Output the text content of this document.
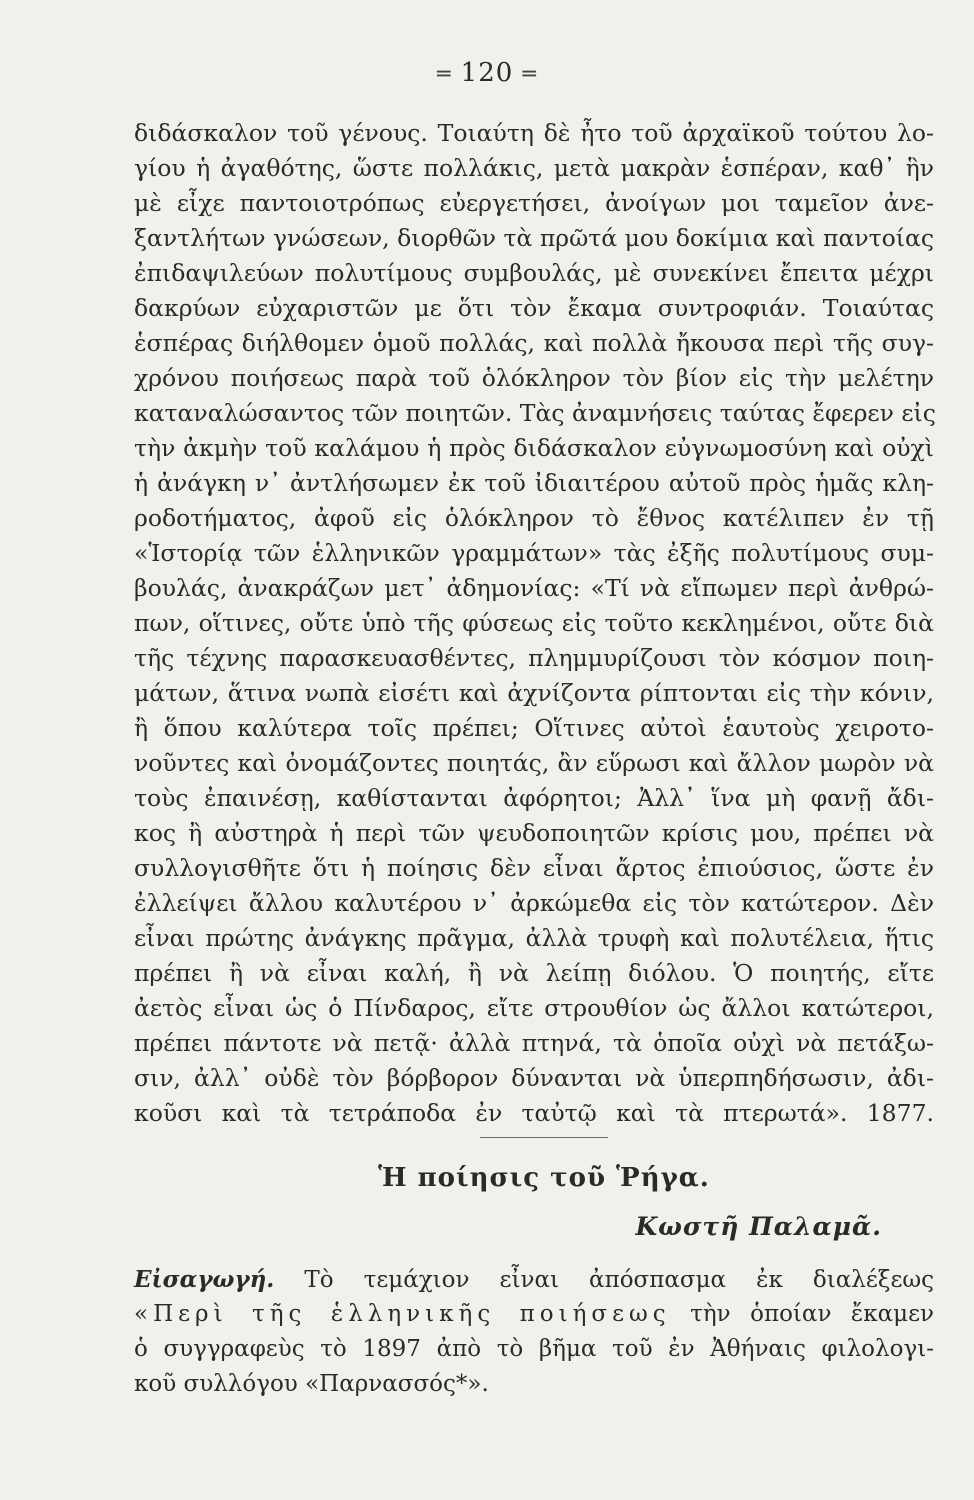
═ 120 ═
διδάσκαλον τοῦ γένους. Τοιαύτη δὲ ἦτο τοῦ ἀρχαϊκοῦ τούτου λο-
γίου ἡ ἀγαθότης, ὥστε πολλάκις, μετὰ μακρὰν ἑσπέραν, καθ᾿ ἣν
μὲ εἶχε παντοιοτρόπως εὐεργετήσει, ἀνοίγων μοι ταμεῖον ἀνε-
ξαντλήτων γνώσεων, διορθῶν τὰ πρῶτά μου δοκίμια καὶ παντοίας
ἐπιδαψιλεύων πολυτίμους συμβουλάς, μὲ συνεκίνει ἔπειτα μέχρι
δακρύων εὐχαριστῶν με ὅτι τὸν ἔκαμα συντροφιάν. Τοιαύτας
ἑσπέρας διήλθομεν ὁμοῦ πολλάς, καὶ πολλὰ ἤκουσα περὶ τῆς συγ-
χρόνου ποιήσεως παρὰ τοῦ ὁλόκληρον τὸν βίον εἰς τὴν μελέτην
καταναλώσαντος τῶν ποιητῶν. Τὰς ἀναμνήσεις ταύτας ἔφερεν εἰς
τὴν ἀκμὴν τοῦ καλάμου ἡ πρὸς διδάσκαλον εὐγνωμοσύνη καὶ οὐχὶ
ἡ ἀνάγκη ν᾿ ἀντλήσωμεν ἐκ τοῦ ἰδιαιτέρου αὐτοῦ πρὸς ἡμᾶς κλη-
ροδοτήματος, ἀφοῦ εἰς ὁλόκληρον τὸ ἔθνος κατέλιπεν ἐν τῇ
«Ἱστορίᾳ τῶν ἑλληνικῶν γραμμάτων» τὰς ἐξῆς πολυτίμους συμ-
βουλάς, ἀνακράζων μετ᾿ ἀδημονίας: «Τί νὰ εἴπωμεν περὶ ἀνθρώ-
πων, οἵτινες, οὔτε ὑπὸ τῆς φύσεως εἰς τοῦτο κεκλημένοι, οὔτε διὰ
τῆς τέχνης παρασκευασθέντες, πλημμυρίζουσι τὸν κόσμον ποιη-
μάτων, ἅτινα νωπὰ εἰσέτι καὶ ἀχνίζοντα ρίπτονται εἰς τὴν κόνιν,
ἢ ὅπου καλύτερα τοῖς πρέπει; Οἵτινες αὐτοὶ ἑαυτοὺς χειροτο-
νοῦντες καὶ ὀνομάζοντες ποιητάς, ἂν εὕρωσι καὶ ἄλλον μωρὸν νὰ
τοὺς ἐπαινέσῃ, καθίστανται ἀφόρητοι; Ἀλλ᾿ ἵνα μὴ φανῇ ἄδι-
κος ἢ αὐστηρὰ ἡ περὶ τῶν ψευδοποιητῶν κρίσις μου, πρέπει νὰ
συλλογισθῆτε ὅτι ἡ ποίησις δὲν εἶναι ἄρτος ἐπιούσιος, ὥστε ἐν
ἐλλείψει ἄλλου καλυτέρου ν᾿ ἀρκώμεθα εἰς τὸν κατώτερον. Δὲν
εἶναι πρώτης ἀνάγκης πρᾶγμα, ἀλλὰ τρυφὴ καὶ πολυτέλεια, ἥτις
πρέπει ἢ νὰ εἶναι καλή, ἢ νὰ λείπῃ διόλου. Ὁ ποιητής, εἴτε
ἀετὸς εἶναι ὡς ὁ Πίνδαρος, εἴτε στρουθίον ὡς ἄλλοι κατώτεροι,
πρέπει πάντοτε νὰ πετᾷ· ἀλλὰ πτηνά, τὰ ὁποῖα οὐχὶ νὰ πετάξω-
σιν, ἀλλ᾿ οὐδὲ τὸν βόρβορον δύνανται νὰ ὑπερπηδήσωσιν, ἀδι-
κοῦσι καὶ τὰ τετράποδα ἐν ταὐτῷ καὶ τὰ πτερωτά». 1877.
Ἡ ποίησις τοῦ Ῥήγα.
Κωστῆ Παλαμᾶ.
Εἰσαγωγή. Τὸ τεμάχιον εἶναι ἀπόσπασμα ἐκ διαλέξεως
«Περὶ τῆς ἑλληνικῆς ποιήσεως τὴν ὁποίαν ἔκαμεν
ὁ συγγραφεὺς τὸ 1897 ἀπὸ τὸ βῆμα τοῦ ἐν Ἀθήναις φιλολογι-
κοῦ συλλόγου «Παρνασσός*».
